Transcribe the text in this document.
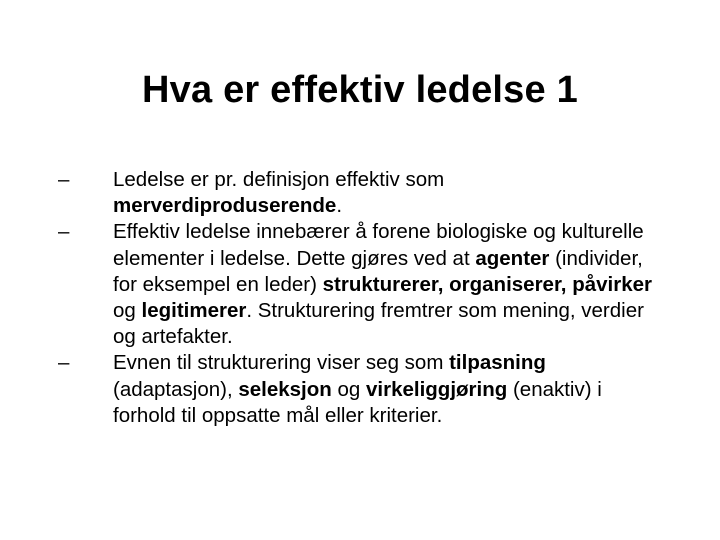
Hva er effektiv ledelse 1
–	Ledelse er pr. definisjon effektiv som merverdiproduserende.
–	Effektiv ledelse innebærer å forene biologiske og kulturelle elementer i ledelse. Dette gjøres ved at agenter (individer, for eksempel en leder) strukturerer, organiserer, påvirker og legitimerer. Strukturering fremtrer som mening, verdier og artefakter.
–	Evnen til strukturering viser seg som tilpasning (adaptasjon), seleksjon og virkeliggjøring (enaktiv) i forhold til oppsatte mål eller kriterier.
